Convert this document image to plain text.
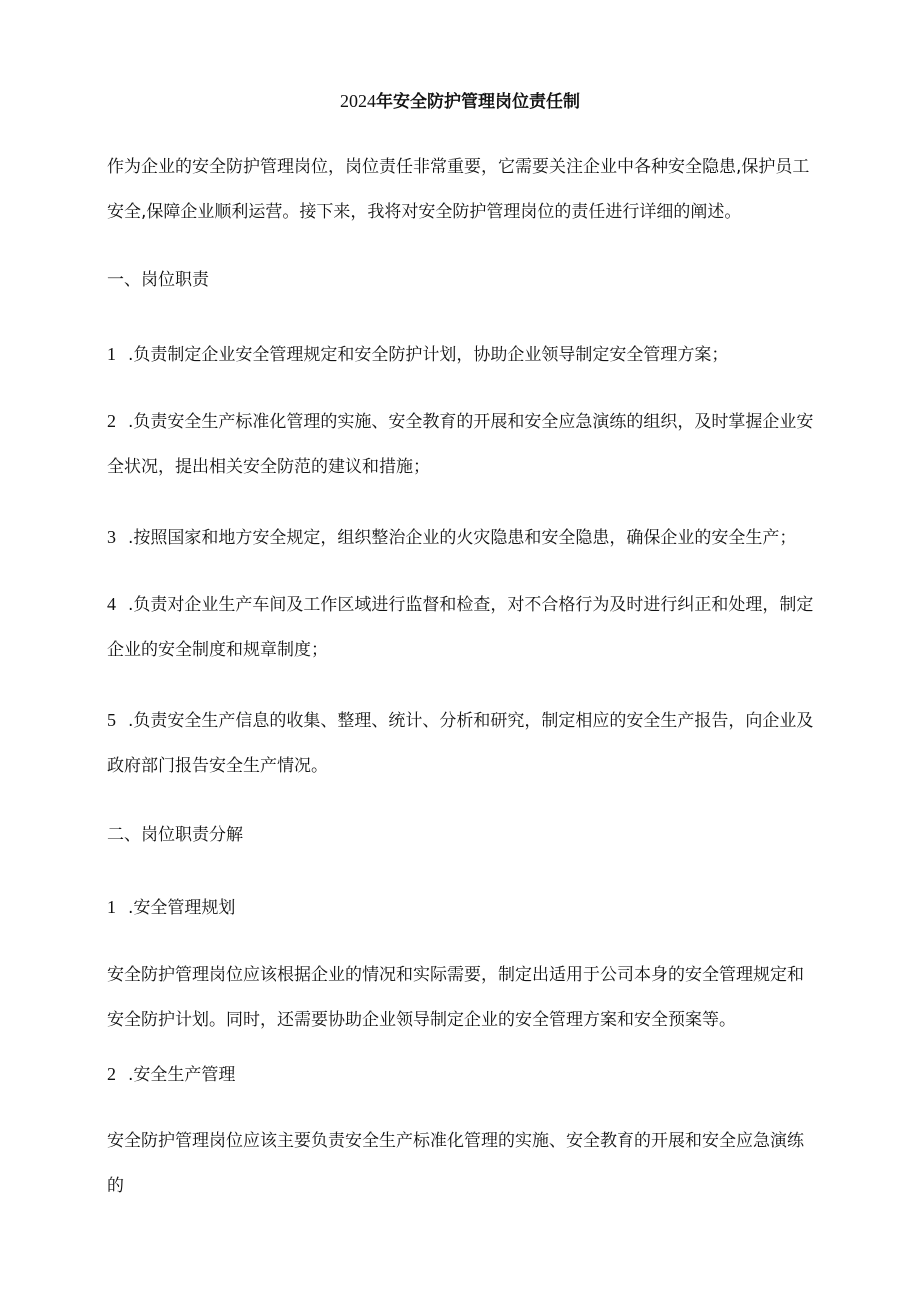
2024年安全防护管理岗位责任制
作为企业的安全防护管理岗位，岗位责任非常重要，它需要关注企业中各种安全隐患,保护员工安全,保障企业顺利运营。接下来，我将对安全防护管理岗位的责任进行详细的阐述。
一、岗位职责
1 .负责制定企业安全管理规定和安全防护计划，协助企业领导制定安全管理方案；
2 .负责安全生产标准化管理的实施、安全教育的开展和安全应急演练的组织，及时掌握企业安全状况，提出相关安全防范的建议和措施；
3 .按照国家和地方安全规定，组织整治企业的火灾隐患和安全隐患，确保企业的安全生产；
4 .负责对企业生产车间及工作区域进行监督和检查，对不合格行为及时进行纠正和处理，制定企业的安全制度和规章制度；
5 .负责安全生产信息的收集、整理、统计、分析和研究，制定相应的安全生产报告，向企业及政府部门报告安全生产情况。
二、岗位职责分解
1 .安全管理规划
安全防护管理岗位应该根据企业的情况和实际需要，制定出适用于公司本身的安全管理规定和安全防护计划。同时，还需要协助企业领导制定企业的安全管理方案和安全预案等。
2 .安全生产管理
安全防护管理岗位应该主要负责安全生产标准化管理的实施、安全教育的开展和安全应急演练的
